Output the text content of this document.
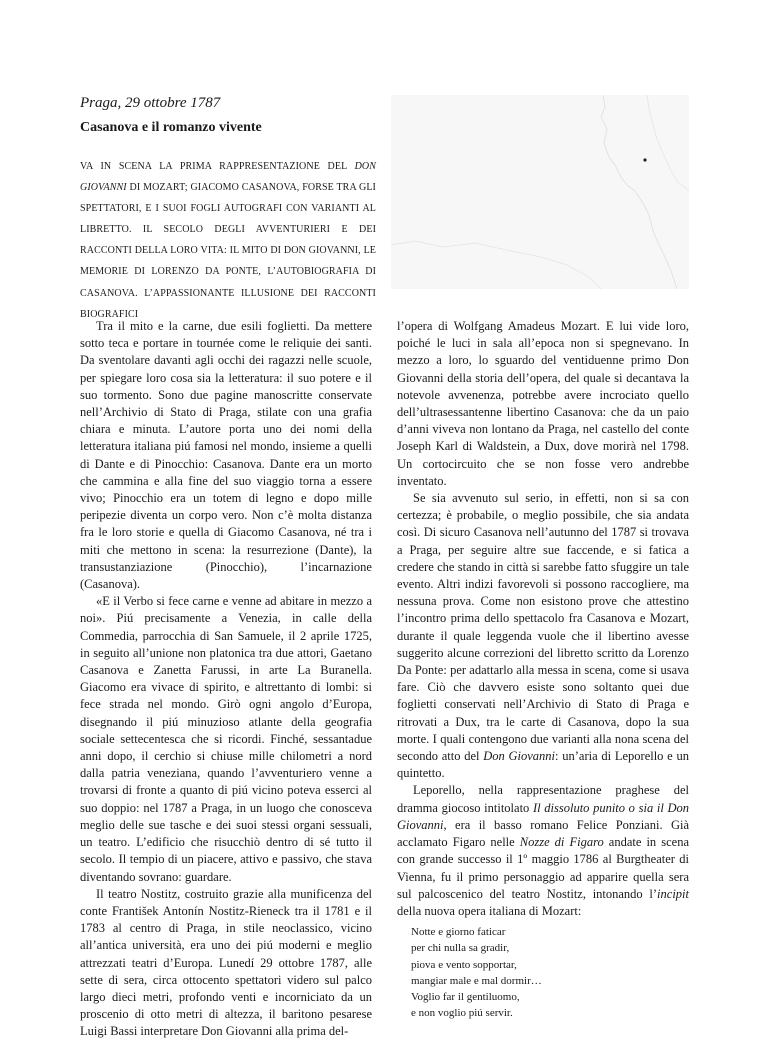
Praga, 29 ottobre 1787
Casanova e il romanzo vivente
VA IN SCENA LA PRIMA RAPPRESENTAZIONE DEL DON GIOVANNI DI MOZART; GIACOMO CASANOVA, FORSE TRA GLI SPETTATORI, E I SUOI FOGLI AUTOGRAFI CON VARIANTI AL LIBRETTO. IL SECOLO DEGLI AVVENTURIERI E DEI RACCONTI DELLA LORO VITA: IL MITO DI DON GIOVANNI, LE MEMORIE DI LORENZO DA PONTE, L’AUTOBIOGRAFIA DI CASANOVA. L’APPASSIONANTE ILLUSIONE DEI RACCONTI BIOGRAFICI

Tra il mito e la carne, due esili foglietti. Da mettere sotto teca e portare in tournée come le reliquie dei santi. Da sventolare davanti agli occhi dei ragazzi nelle scuole, per spiegare loro cosa sia la letteratura: il suo potere e il suo tormento. Sono due pagine manoscritte conservate nell’Archivio di Stato di Praga, stilate con una grafia chiara e minuta. L’autore porta uno dei nomi della letteratura italiana piú famosi nel mondo, insieme a quelli di Dante e di Pinocchio: Casanova. Dante era un morto che cammina e alla fine del suo viaggio torna a essere vivo; Pinocchio era un totem di legno e dopo mille peripezie diventa un corpo vero. Non c’è molta distanza fra le loro storie e quella di Giacomo Casanova, né tra i miti che mettono in scena: la resurrezione (Dante), la transustanziazione (Pinocchio), l’incarnazione (Casanova).

«E il Verbo si fece carne e venne ad abitare in mezzo a noi». Piú precisamente a Venezia, in calle della Commedia, parrocchia di San Samuele, il 2 aprile 1725, in seguito all’unione non platonica tra due attori, Gaetano Casanova e Zanetta Farussi, in arte La Buranella. Giacomo era vivace di spirito, e altrettanto di lombi: si fece strada nel mondo. Girò ogni angolo d’Europa, disegnando il piú minuzioso atlante della geografia sociale settecentesca che si ricordi. Finché, sessantadue anni dopo, il cerchio si chiuse mille chilometri a nord dalla patria veneziana, quando l’avventuriero venne a trovarsi di fronte a quanto di piú vicino poteva esserci al suo doppio: nel 1787 a Praga, in un luogo che conosceva meglio delle sue tasche e dei suoi stessi organi sessuali, un teatro. L’edificio che risucchiò dentro di sé tutto il secolo. Il tempio di un piacere, attivo e passivo, che stava diventando sovrano: guardare.

Il teatro Nostitz, costruito grazie alla munificenza del conte František Antonín Nostitz-Rieneck tra il 1781 e il 1783 al centro di Praga, in stile neoclassico, vicino all’antica università, era uno dei piú moderni e meglio attrezzati teatri d’Europa. Lunedí 29 ottobre 1787, alle sette di sera, circa ottocento spettatori videro sul palco largo dieci metri, profondo venti e incorniciato da un proscenio di otto metri di altezza, il baritono pesarese Luigi Bassi interpretare Don Giovanni alla prima del-

l’opera di Wolfgang Amadeus Mozart. E lui vide loro, poiché le luci in sala all’epoca non si spegnevano. In mezzo a loro, lo sguardo del ventiduenne primo Don Giovanni della storia dell’opera, del quale si decantava la notevole avvenenza, potrebbe avere incrociato quello dell’ultrasessantenne libertino Casanova: che da un paio d’anni viveva non lontano da Praga, nel castello del conte Joseph Karl di Waldstein, a Dux, dove morirà nel 1798. Un cortocircuito che se non fosse vero andrebbe inventato.

Se sia avvenuto sul serio, in effetti, non si sa con certezza; è probabile, o meglio possibile, che sia andata così. Di sicuro Casanova nell’autunno del 1787 si trovava a Praga, per seguire altre sue faccende, e si fatica a credere che stando in città si sarebbe fatto sfuggire un tale evento. Altri indizi favorevoli si possono raccogliere, ma nessuna prova. Come non esistono prove che attestino l’incontro prima dello spettacolo fra Casanova e Mozart, durante il quale leggenda vuole che il libertino avesse suggerito alcune correzioni del libretto scritto da Lorenzo Da Ponte: per adattarlo alla messa in scena, come si usava fare. Ciò che davvero esiste sono soltanto quei due foglietti conservati nell’Archivio di Stato di Praga e ritrovati a Dux, tra le carte di Casanova, dopo la sua morte. I quali contengono due varianti alla nona scena del secondo atto del Don Giovanni: un’aria di Leporello e un quintetto.

Leporello, nella rappresentazione praghese del dramma giocoso intitolato Il dissoluto punito o sia il Don Giovanni, era il basso romano Felice Ponziani. Già acclamato Figaro nelle Nozze di Figaro andate in scena con grande successo il 1º maggio 1786 al Burgtheater di Vienna, fu il primo personaggio ad apparire quella sera sul palcoscenico del teatro Nostitz, intonando l’incipit della nuova opera italiana di Mozart:

Notte e giorno faticar
per chi nulla sa gradir,
piova e vento sopportar,
mangiar male e mal dormir…
Voglio far il gentiluomo,
e non voglio piú servir.
